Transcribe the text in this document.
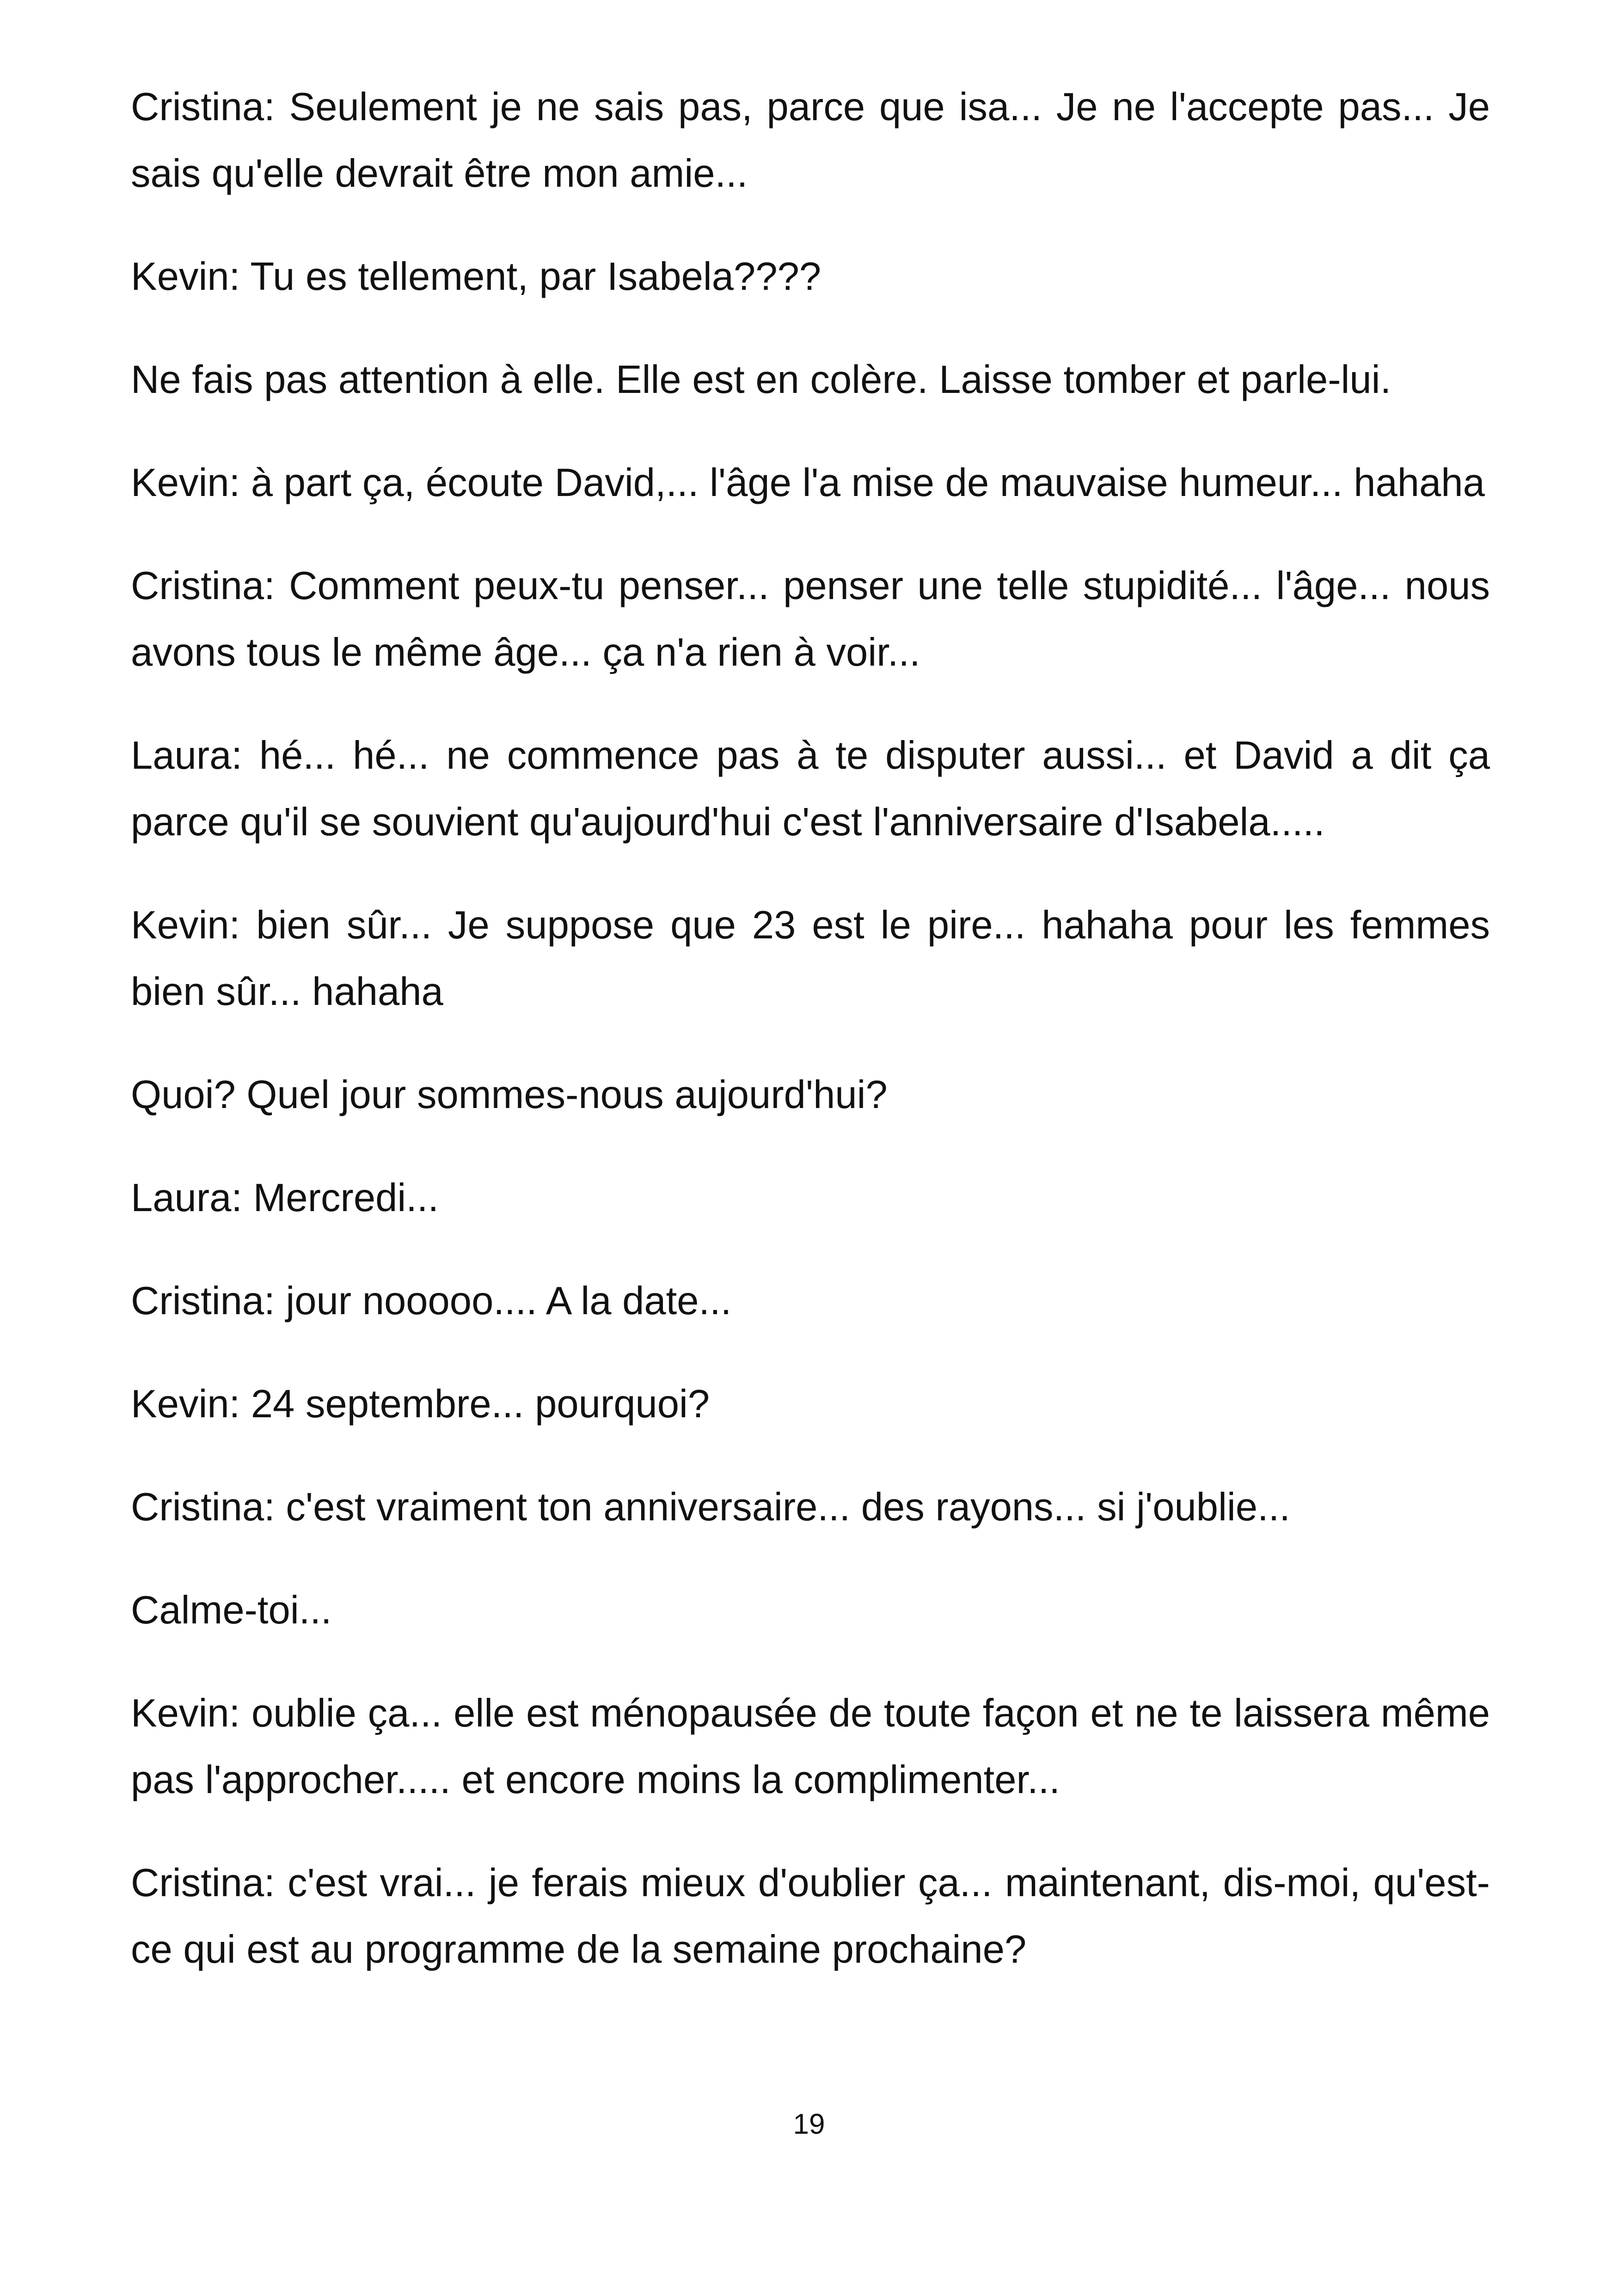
Cristina: Seulement je ne sais pas, parce que isa... Je ne l'accepte pas... Je sais qu'elle devrait être mon amie...

Kevin: Tu es tellement, par Isabela????

Ne fais pas attention à elle. Elle est en colère. Laisse tomber et parle-lui.

Kevin: à part ça, écoute David,... l'âge l'a mise de mauvaise humeur... hahaha

Cristina: Comment peux-tu penser... penser une telle stupidité... l'âge... nous avons tous le même âge... ça n'a rien à voir...

Laura: hé... hé... ne commence pas à te disputer aussi... et David a dit ça parce qu'il se souvient qu'aujourd'hui c'est l'anniversaire d'Isabela.....

Kevin: bien sûr... Je suppose que 23 est le pire... hahaha pour les femmes bien sûr... hahaha

Quoi? Quel jour sommes-nous aujourd'hui?

Laura: Mercredi...

Cristina: jour nooooo.... A la date...

Kevin: 24 septembre... pourquoi?

Cristina: c'est vraiment ton anniversaire... des rayons... si j'oublie...

Calme-toi...

Kevin: oublie ça... elle est ménopausée de toute façon et ne te laissera même pas l'approcher..... et encore moins la complimenter...

Cristina: c'est vrai... je ferais mieux d'oublier ça... maintenant, dis-moi, qu'est-ce qui est au programme de la semaine prochaine?

19
